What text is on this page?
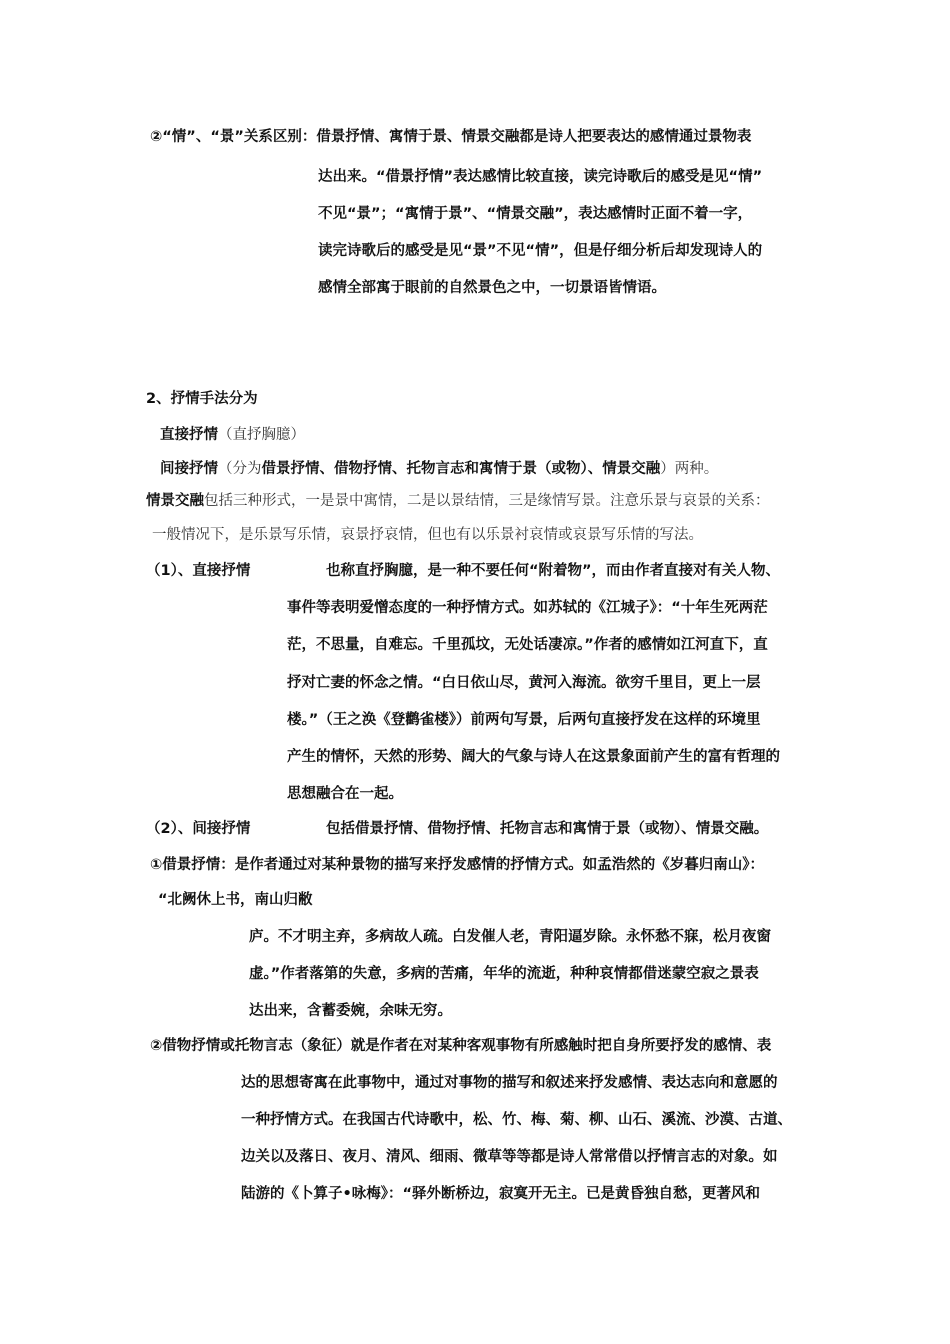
②“情”、“景”关系区别：借景抒情、寓情于景、情景交融都是诗人把要表达的感情通过景物表
达出来。“借景抒情”表达感情比较直接，读完诗歌后的感受是见“情”
不见“景”；“寓情于景”、“情景交融”，表达感情时正面不着一字，
读完诗歌后的感受是见“景”不见“情”，但是仔细分析后却发现诗人的
感情全部寓于眼前的自然景色之中，一切景语皆情语。
2、抒情手法分为
直接抒情（直抒胸臆）
间接抒情（分为借景抒情、借物抒情、托物言志和寓情于景（或物）、情景交融）两种。
情景交融包括三种形式，一是景中寓情，二是以景结情，三是缘情写景。注意乐景与哀景的关系：
一般情况下，是乐景写乐情，哀景抒哀情，但也有以乐景衬哀情或哀景写乐情的写法。
（1）、直接抒情	也称直抒胸臆，是一种不要任何“附着物”，而由作者直接对有关人物、
事件等表明爱憎态度的一种抒情方式。如苏轼的《江城子》：“十年生死两茫
茫，不思量，自难忘。千里孤坟，无处话凄凉。”作者的感情如江河直下，直
抒对亡妻的怀念之情。“白日依山尽，黄河入海流。欲穷千里目，更上一层
楼。”（王之涣《登鹳雀楼》）前两句写景，后两句直接抒发在这样的环境里
产生的情怀，天然的形势、阔大的气象与诗人在这景象面前产生的富有哲理的
思想融合在一起。
（2）、间接抒情	包括借景抒情、借物抒情、托物言志和寓情于景（或物）、情景交融。
①借景抒情：是作者通过对某种景物的描写来抒发感情的抒情方式。如孟浩然的《岁暮归南山》：
“北阙休上书，南山归敝
庐。不才明主弃，多病故人疏。白发催人老，青阳逼岁除。永怀愁不寐，松月夜窗
虚。”作者落第的失意，多病的苦痛，年华的流逝，种种哀情都借迷蒙空寂之景表
达出来，含蓄委婉，余味无穷。
②借物抒情或托物言志（象征）就是作者在对某种客观事物有所感触时把自身所要抒发的感情、表
达的思想寄寓在此事物中，通过对事物的描写和叙述来抒发感情、表达志向和意愿的
一种抒情方式。在我国古代诗歌中，松、竹、梅、菊、柳、山石、溪流、沙漠、古道、
边关以及落日、夜月、清风、细雨、微草等等都是诗人常常借以抒情言志的对象。如
陆游的《卜算子•咏梅》：“驿外断桥边，寂寞开无主。已是黄昏独自愁，更著风和
